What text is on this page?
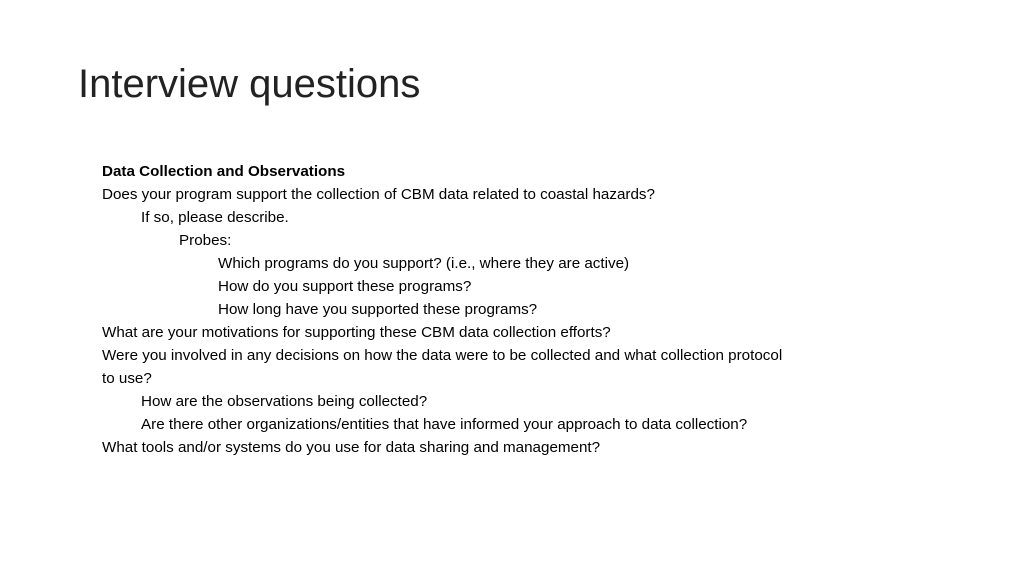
Interview questions

Data Collection and Observations

Does your program support the collection of CBM data related to coastal hazards?

If so, please describe.

Probes:

Which programs do you support? (i.e., where they are active)

How do you support these programs?

How long have you supported these programs?

What are your motivations for supporting these CBM data collection efforts?

Were you involved in any decisions on how the data were to be collected and what collection protocol

to use?

How are the observations being collected?

Are there other organizations/entities that have informed your approach to data collection?

What tools and/or systems do you use for data sharing and management?
